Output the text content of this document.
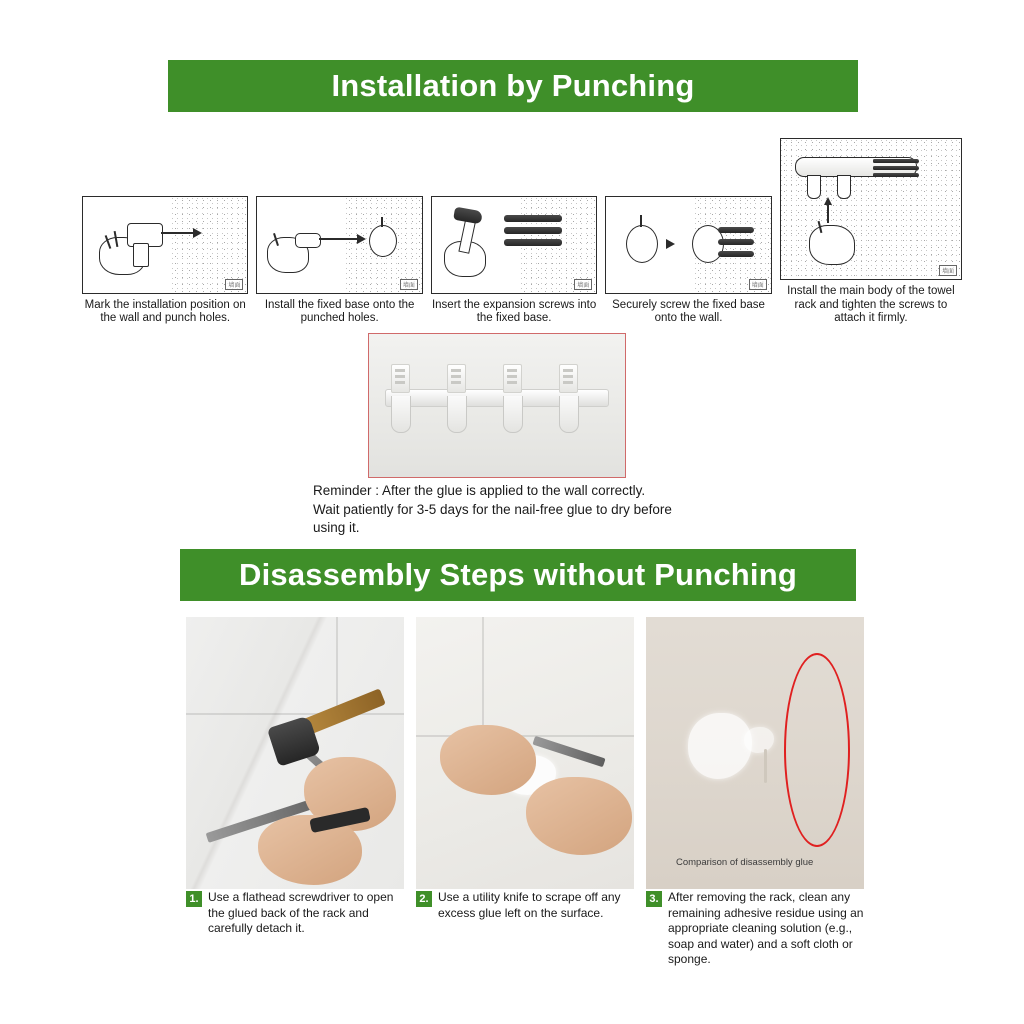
Installation by Punching
墙面
Mark the installation position on the wall and punch holes.
墙面
Install the fixed base onto the punched holes.
墙面
Insert the expansion screws into the fixed base.
墙面
Securely screw the fixed base onto the wall.
墙面
Install the main body of the towel rack and tighten the screws to attach it firmly.
Reminder : After the glue is applied to the wall correctly.
Wait patiently for 3-5 days for the nail-free glue to dry before
using it.
Disassembly Steps without Punching
Comparison of disassembly glue
1. Use a flathead screwdriver to open the glued back of the rack and carefully detach it.
2. Use a utility knife to scrape off any excess glue left on the surface.
3. After removing the rack, clean any remaining adhesive residue using an appropriate cleaning solution (e.g., soap and water) and a soft cloth or sponge.
